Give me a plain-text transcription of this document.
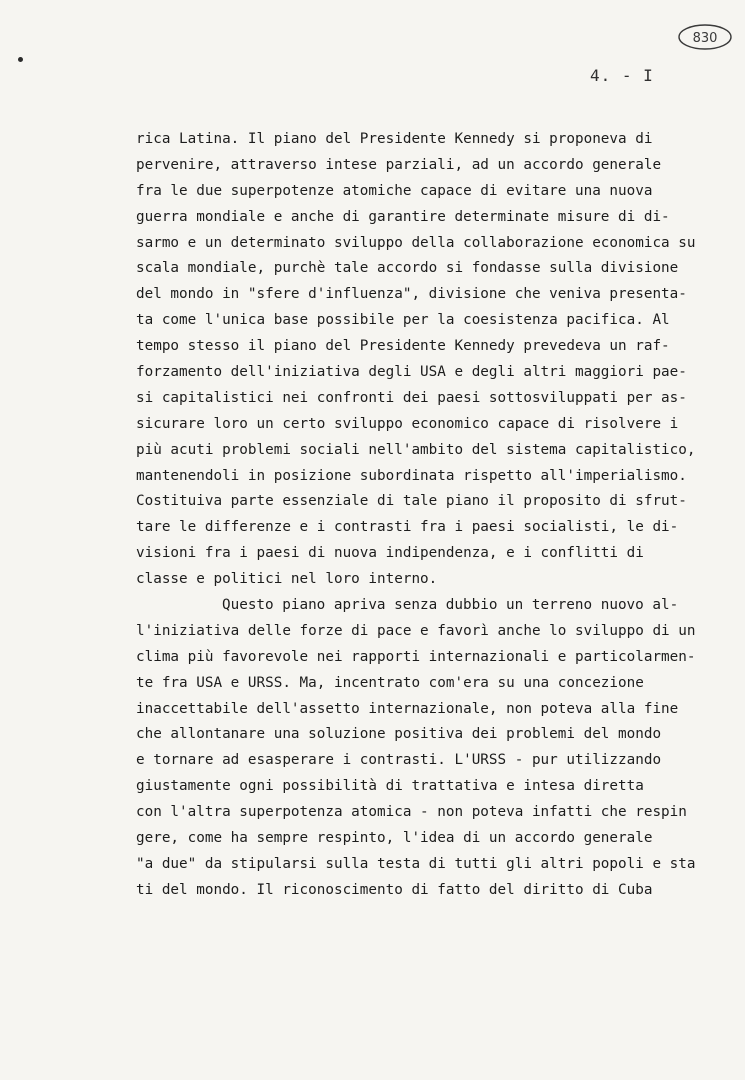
830
4. - I
rica Latina. Il piano del Presidente Kennedy si proponeva di
pervenire, attraverso intese parziali, ad un accordo generale
fra le due superpotenze atomiche capace di evitare una nuova
guerra mondiale e anche di garantire determinate misure di di-
sarmo e un determinato sviluppo della collaborazione economica su
scala mondiale, purchè tale accordo si fondasse sulla divisione
del mondo in "sfere d'influenza", divisione che veniva presenta-
ta come l'unica base possibile per la coesistenza pacifica. Al
tempo stesso il piano del Presidente Kennedy prevedeva un raf-
forzamento dell'iniziativa degli USA e degli altri maggiori pae-
si capitalistici nei confronti dei paesi sottosviluppati per as-
sicurare loro un certo sviluppo economico capace di risolvere i
più acuti problemi sociali nell'ambito del sistema capitalistico,
mantenendoli in posizione subordinata rispetto all'imperialismo.
Costituiva parte essenziale di tale piano il proposito di sfrut-
tare le differenze e i contrasti fra i paesi socialisti, le di-
visioni fra i paesi di nuova indipendenza, e i conflitti di
classe e politici nel loro interno.
Questo piano apriva senza dubbio un terreno nuovo al-
l'iniziativa delle forze di pace e favorì anche lo sviluppo di un
clima più favorevole nei rapporti internazionali e particolarmen-
te fra USA e URSS. Ma, incentrato com'era su una concezione
inaccettabile dell'assetto internazionale, non poteva alla fine
che allontanare una soluzione positiva dei problemi del mondo
e tornare ad esasperare i contrasti. L'URSS - pur utilizzando
giustamente ogni possibilità di trattativa e intesa diretta
con l'altra superpotenza atomica - non poteva infatti che respin
gere, come ha sempre respinto, l'idea di un accordo generale
"a due" da stipularsi sulla testa di tutti gli altri popoli e sta
ti del mondo. Il riconoscimento di fatto del diritto di Cuba
